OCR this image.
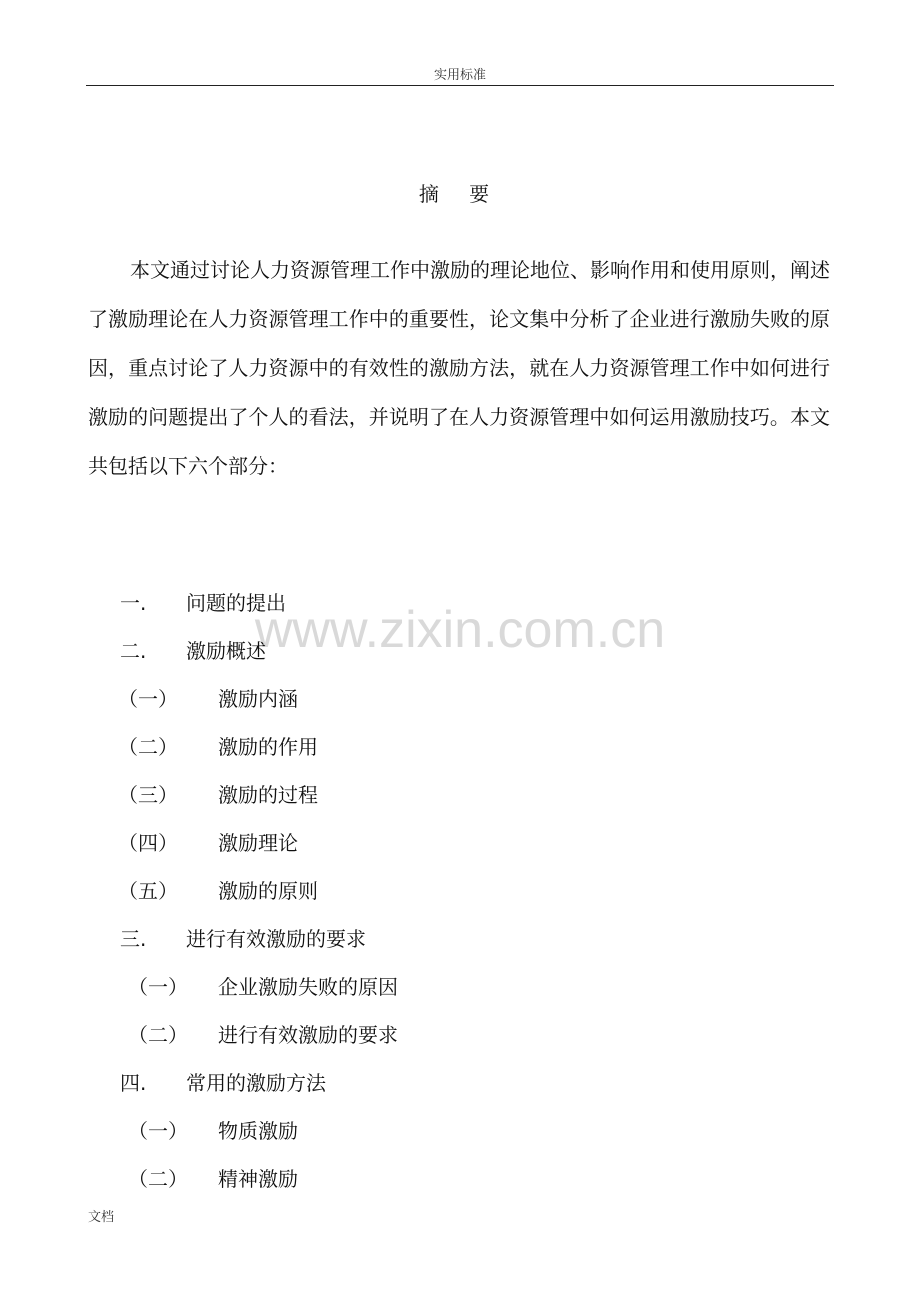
实用标准
摘 要

本文通过讨论人力资源管理工作中激励的理论地位、影响作用和使用原则，阐述了激励理论在人力资源管理工作中的重要性，论文集中分析了企业进行激励失败的原因，重点讨论了人力资源中的有效性的激励方法，就在人力资源管理工作中如何进行激励的问题提出了个人的看法，并说明了在人力资源管理中如何运用激励技巧。本文共包括以下六个部分：

www.zixin.com.cn
一. 问题的提出
二. 激励概述
（一） 激励内涵
（二） 激励的作用
（三） 激励的过程
（四） 激励理论
（五） 激励的原则
三. 进行有效激励的要求
（一） 企业激励失败的原因
（二） 进行有效激励的要求
四. 常用的激励方法
（一） 物质激励
（二） 精神激励
文档
